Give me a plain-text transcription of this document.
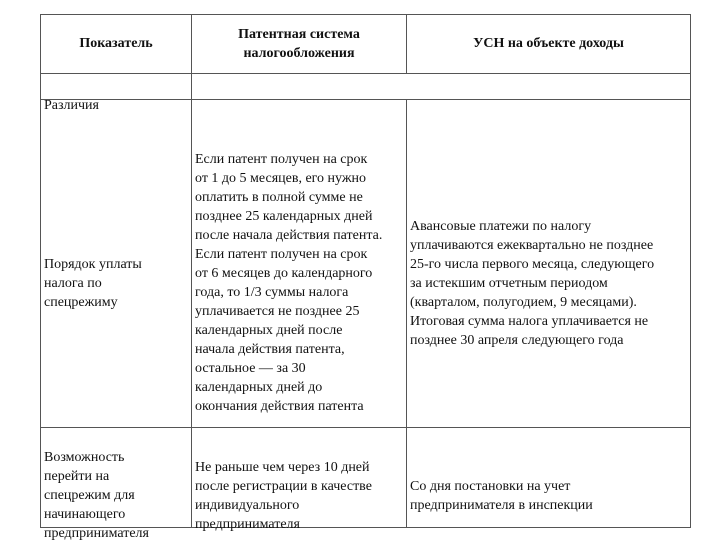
Показатель
Патентная система
налогообложения
УСН на объекте доходы

Различия

Порядок уплаты
налога по
спецрежиму

Если патент получен на срок
от 1 до 5 месяцев, его нужно
оплатить в полной сумме не
позднее 25 календарных дней
после начала действия патента.
Если патент получен на срок
от 6 месяцев до календарного
года, то 1/3 суммы налога
уплачивается не позднее 25
календарных дней после
начала действия патента,
остальное — за 30
календарных дней до
окончания действия патента

Авансовые платежи по налогу
уплачиваются ежеквартально не позднее
25-го числа первого месяца, следующего
за истекшим отчетным периодом
(кварталом, полугодием, 9 месяцами).
Итоговая сумма налога уплачивается не
позднее 30 апреля следующего года

Возможность
перейти на
спецрежим для
начинающего
предпринимателя

Не раньше чем через 10 дней
после регистрации в качестве
индивидуального
предпринимателя

Со дня постановки на учет
предпринимателя в инспекции
